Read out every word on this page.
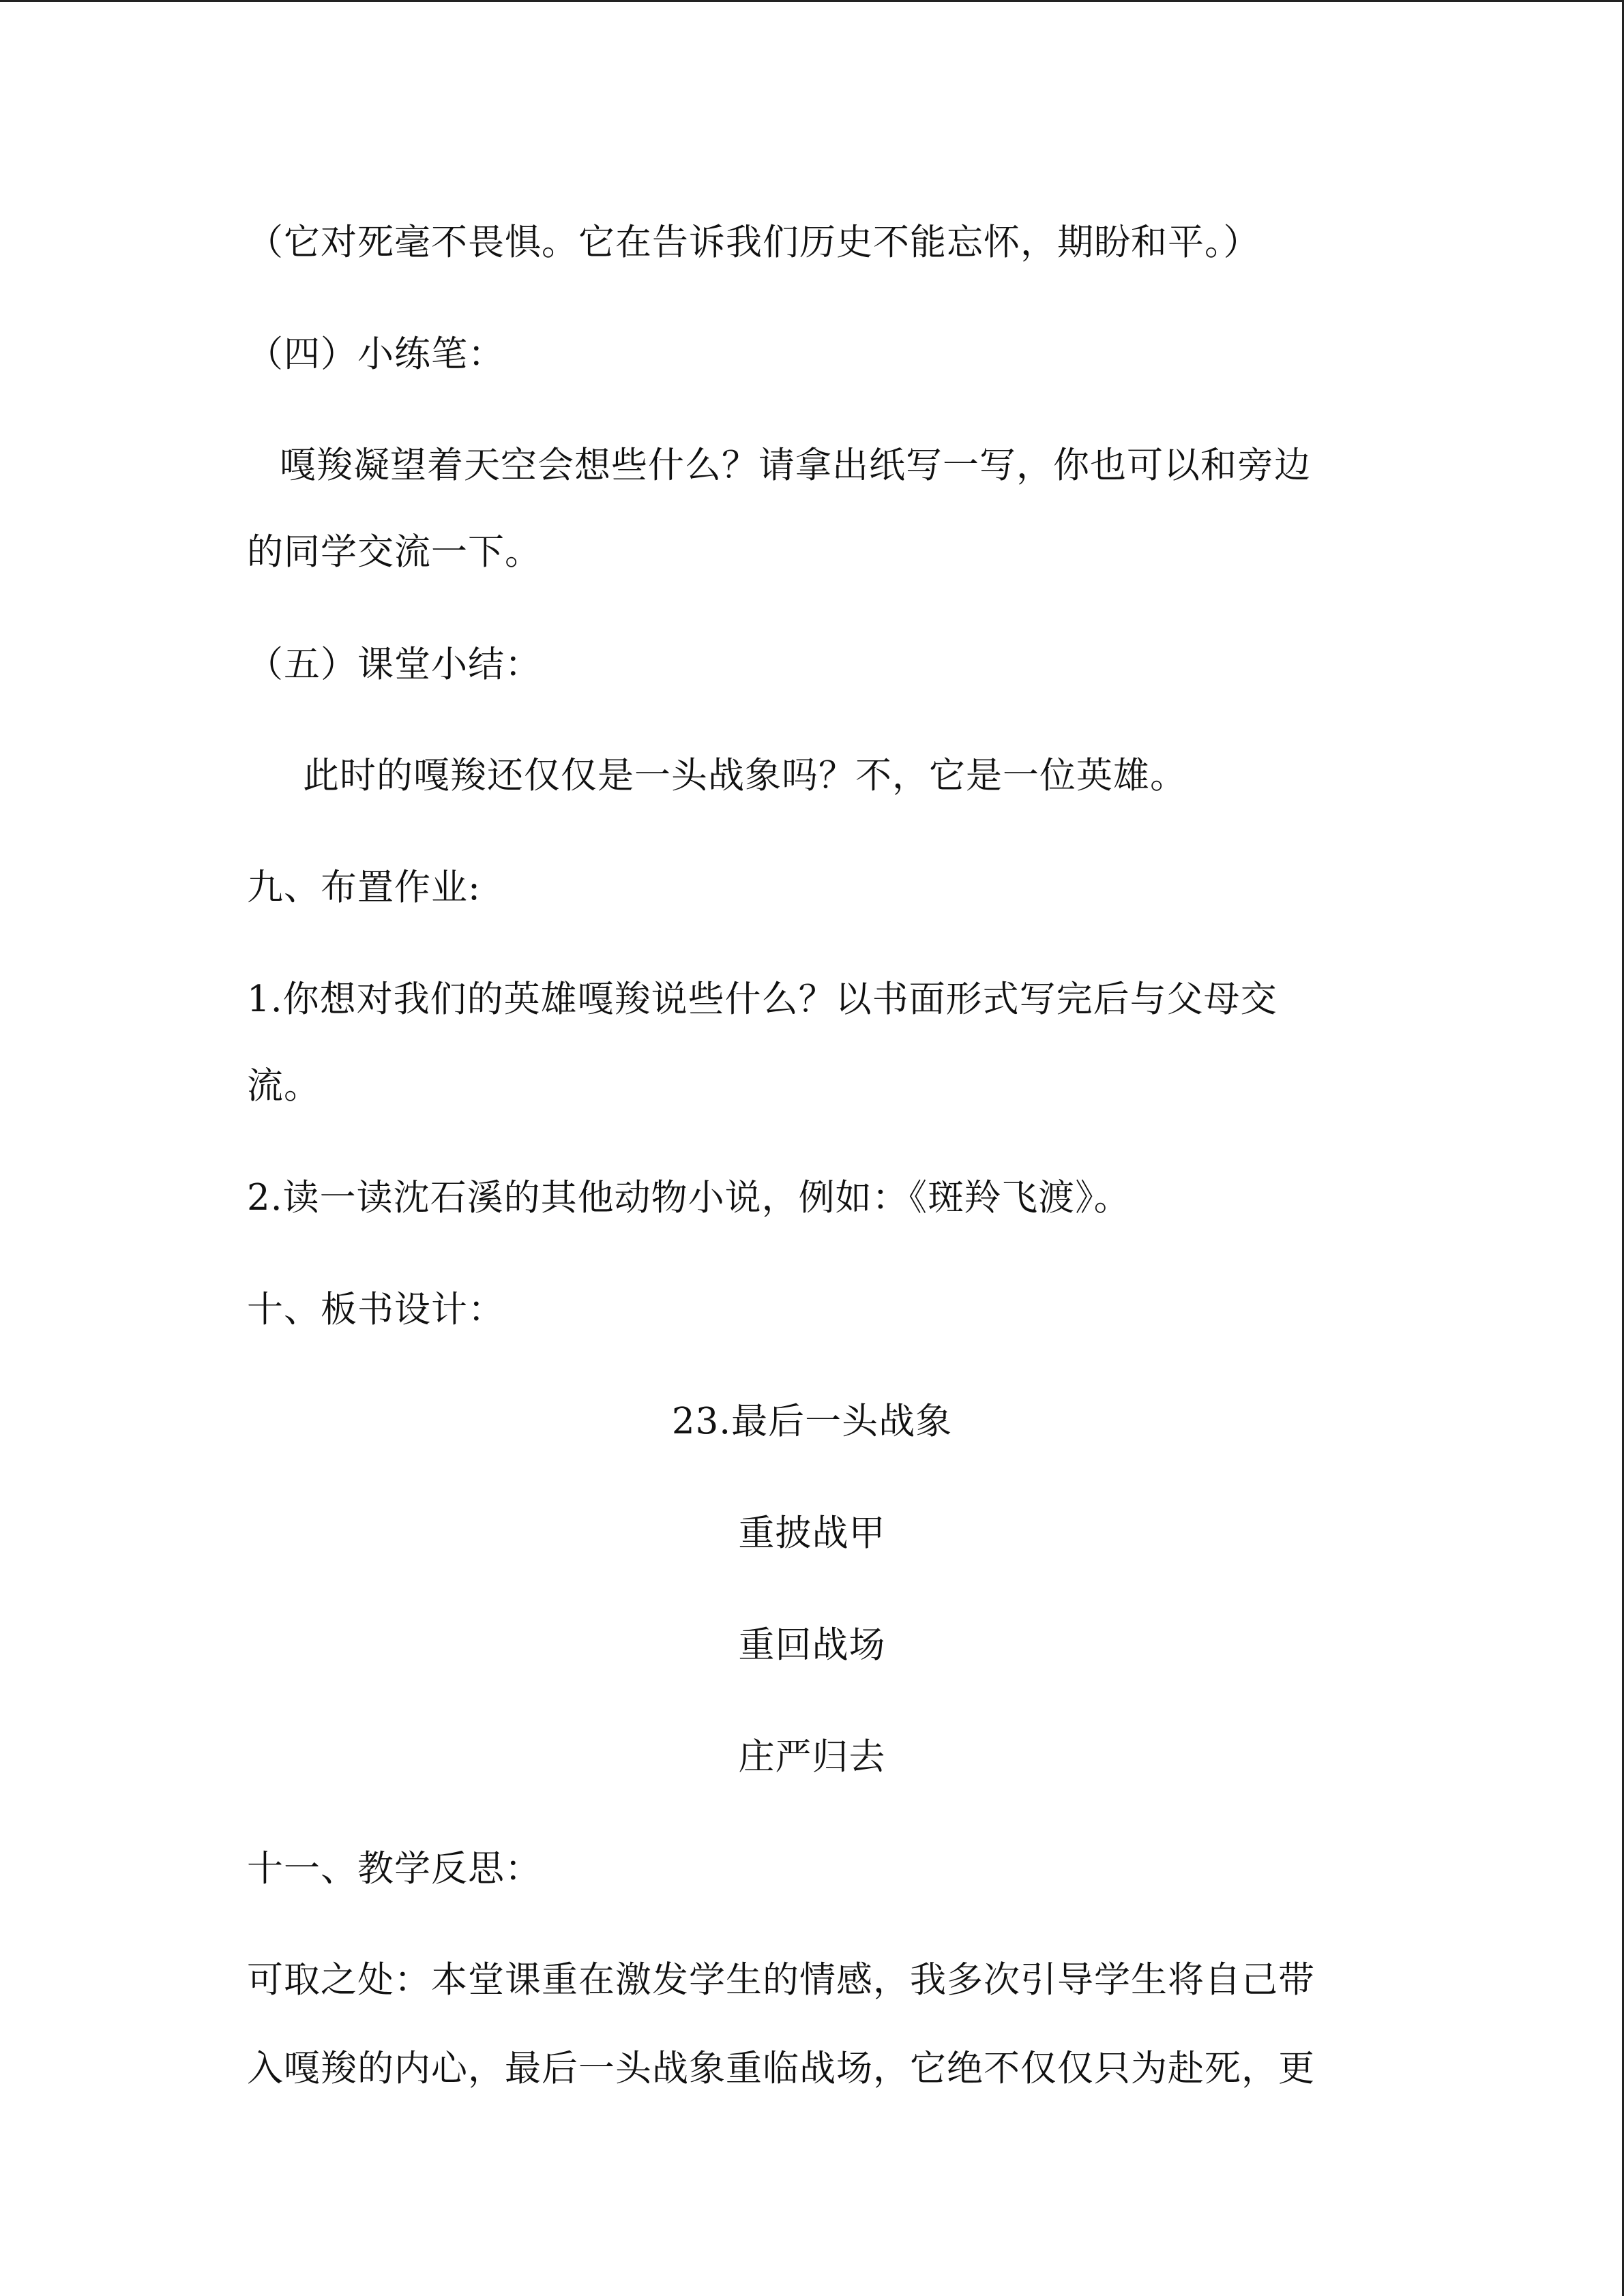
（它对死毫不畏惧。它在告诉我们历史不能忘怀，期盼和平。）
（四）小练笔：
嘎羧凝望着天空会想些什么？请拿出纸写一写，你也可以和旁边
的同学交流一下。
（五）课堂小结：
此时的嘎羧还仅仅是一头战象吗？不，它是一位英雄。
九、布置作业:
1.你想对我们的英雄嘎羧说些什么？以书面形式写完后与父母交
流。
2.读一读沈石溪的其他动物小说，例如：《斑羚飞渡》。
十、板书设计：
23.最后一头战象
重披战甲
重回战场
庄严归去
十一、教学反思：
可取之处：本堂课重在激发学生的情感，我多次引导学生将自己带
入嘎羧的内心，最后一头战象重临战场，它绝不仅仅只为赴死，更
